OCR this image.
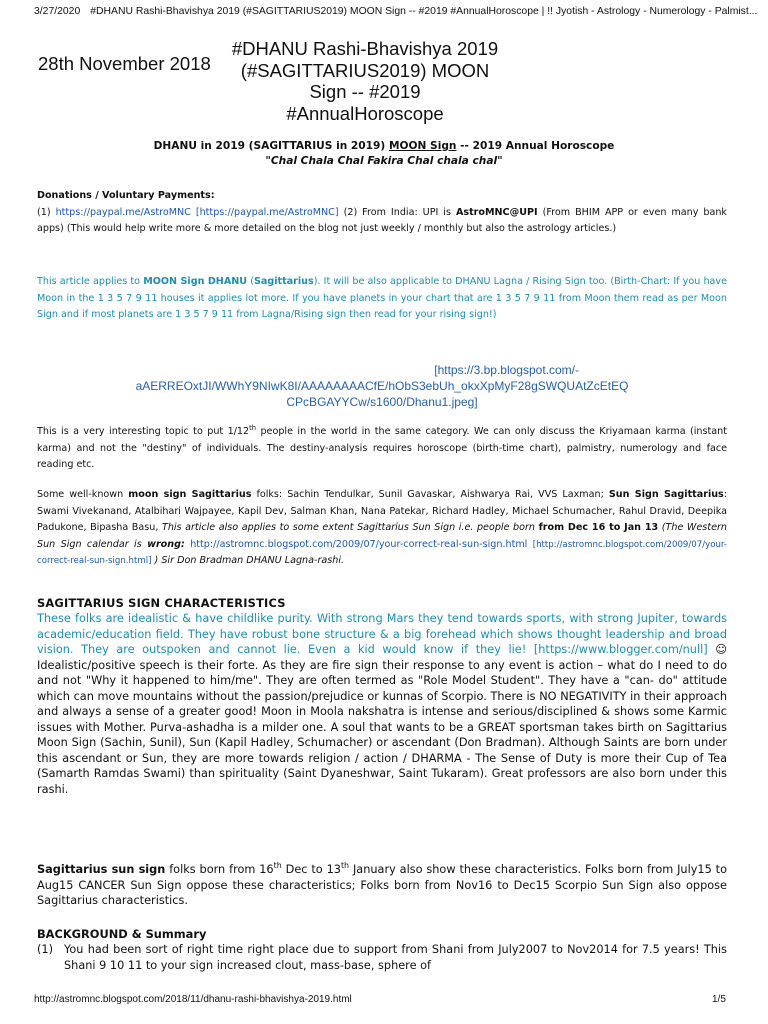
3/27/2020 #DHANU Rashi-Bhavishya 2019 (#SAGITTARIUS2019) MOON Sign -- #2019 #AnnualHoroscope | !! Jyotish - Astrology - Numerology - Palmist...
28th November 2018
#DHANU Rashi-Bhavishya 2019
(#SAGITTARIUS2019) MOON
Sign -- #2019
#AnnualHoroscope
DHANU in 2019 (SAGITTARIUS in 2019) MOON Sign -- 2019 Annual Horoscope
"Chal Chala Chal Fakira Chal chala chal"
Donations / Voluntary Payments:
(1) https://paypal.me/AstroMNC [https://paypal.me/AstroMNC] (2) From India: UPI is AstroMNC@UPI (From BHIM APP or even many bank apps) (This would help write more & more detailed on the blog not just weekly / monthly but also the astrology articles.)
This article applies to MOON Sign DHANU (Sagittarius). It will be also applicable to DHANU Lagna / Rising Sign too. (Birth-Chart: If you have Moon in the 1 3 5 7 9 11 houses it applies lot more. If you have planets in your chart that are 1 3 5 7 9 11 from Moon them read as per Moon Sign and if most planets are 1 3 5 7 9 11 from Lagna/Rising sign then read for your rising sign!)
[https://3.bp.blogspot.com/-
aAERREOxtJI/WWhY9NIwK8I/AAAAAAAACfE/hObS3ebUh_okxXpMyF28gSWQUAtZcEtEQ
CPcBGAYYCw/s1600/Dhanu1.jpeg]
This is a very interesting topic to put 1/12th people in the world in the same category. We can only discuss the Kriyamaan karma (instant karma) and not the "destiny" of individuals. The destiny-analysis requires horoscope (birth-time chart), palmistry, numerology and face reading etc.
Some well-known moon sign Sagittarius folks: Sachin Tendulkar, Sunil Gavaskar, Aishwarya Rai, VVS Laxman; Sun Sign Sagittarius: Swami Vivekanand, Atalbihari Wajpayee, Kapil Dev, Salman Khan, Nana Patekar, Richard Hadley, Michael Schumacher, Rahul Dravid, Deepika Padukone, Bipasha Basu, This article also applies to some extent Sagittarius Sun Sign i.e. people born from Dec 16 to Jan 13 (The Western Sun Sign calendar is wrong: http://astromnc.blogspot.com/2009/07/your-correct-real-sun-sign.html [http://astromnc.blogspot.com/2009/07/your-correct-real-sun-sign.html] ) Sir Don Bradman DHANU Lagna-rashi.
SAGITTARIUS SIGN CHARACTERISTICS
These folks are idealistic & have childlike purity. With strong Mars they tend towards sports, with strong Jupiter, towards academic/education field. They have robust bone structure & a big forehead which shows thought leadership and broad vision. They are outspoken and cannot lie. Even a kid would know if they lie! [https://www.blogger.com/null] ☺ Idealistic/positive speech is their forte. As they are fire sign their response to any event is action – what do I need to do and not "Why it happened to him/me". They are often termed as "Role Model Student". They have a "can- do" attitude which can move mountains without the passion/prejudice or kunnas of Scorpio. There is NO NEGATIVITY in their approach and always a sense of a greater good! Moon in Moola nakshatra is intense and serious/disciplined & shows some Karmic issues with Mother. Purva-ashadha is a milder one. A soul that wants to be a GREAT sportsman takes birth on Sagittarius Moon Sign (Sachin, Sunil), Sun (Kapil Hadley, Schumacher) or ascendant (Don Bradman). Although Saints are born under this ascendant or Sun, they are more towards religion / action / DHARMA - The Sense of Duty is more their Cup of Tea (Samarth Ramdas Swami) than spirituality (Saint Dyaneshwar, Saint Tukaram). Great professors are also born under this rashi.
Sagittarius sun sign folks born from 16th Dec to 13th January also show these characteristics. Folks born from July15 to Aug15 CANCER Sun Sign oppose these characteristics; Folks born from Nov16 to Dec15 Scorpio Sun Sign also oppose Sagittarius characteristics.
BACKGROUND & Summary
(1) You had been sort of right time right place due to support from Shani from July2007 to Nov2014 for 7.5 years! This Shani 9 10 11 to your sign increased clout, mass-base, sphere of
http://astromnc.blogspot.com/2018/11/dhanu-rashi-bhavishya-2019.html	1/5
